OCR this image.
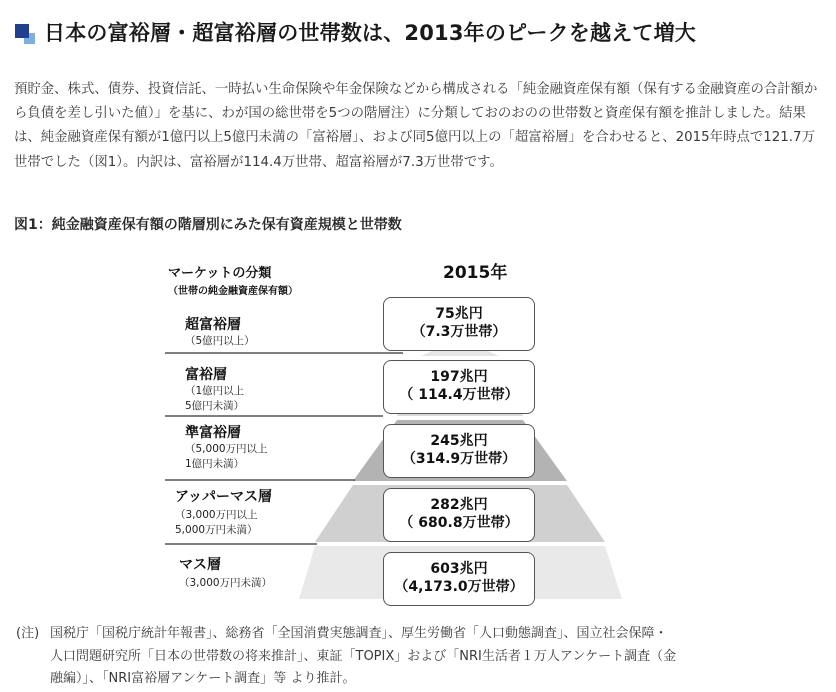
日本の富裕層・超富裕層の世帯数は、2013年のピークを越えて増大

預貯金、株式、債券、投資信託、一時払い生命保険や年金保険などから構成される「純金融資産保有額（保有する金融資産の合計額から負債を差し引いた値）」を基に、わが国の総世帯を5つの階層注）に分類しておのおのの世帯数と資産保有額を推計しました。結果は、純金融資産保有額が1億円以上5億円未満の「富裕層」、および同5億円以上の「超富裕層」を合わせると、2015年時点で121.7万世帯でした（図1）。内訳は、富裕層が114.4万世帯、超富裕層が7.3万世帯です。

図1：純金融資産保有額の階層別にみた保有資産規模と世帯数
マーケットの分類
（世帯の純金融資産保有額）
2015年
超富裕層
（5億円以上）
75兆円
（7.3万世帯）
富裕層
（1億円以上
5億円未満）
197兆円
（ 114.4万世帯）
準富裕層
（5,000万円以上
1億円未満）
245兆円
（314.9万世帯）
アッパーマス層
（3,000万円以上
5,000万円未満）
282兆円
（ 680.8万世帯）
マス層
（3,000万円未満）
603兆円
（4,173.0万世帯）
(注) 国税庁「国税庁統計年報書」、総務省「全国消費実態調査」、厚生労働省「人口動態調査」、国立社会保障・
人口問題研究所「日本の世帯数の将来推計」、東証「TOPIX」および「NRI生活者１万人アンケート調査（金
融編）」、「NRI富裕層アンケート調査」等 より推計。
